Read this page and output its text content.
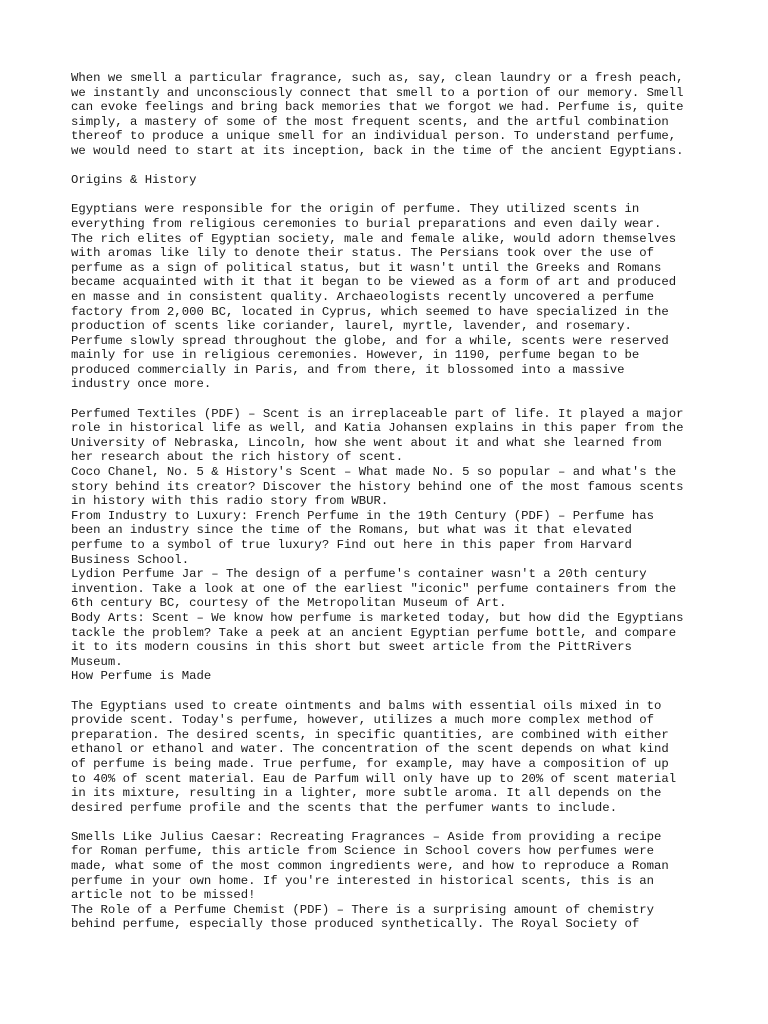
When we smell a particular fragrance, such as, say, clean laundry or a fresh peach,
we instantly and unconsciously connect that smell to a portion of our memory. Smell
can evoke feelings and bring back memories that we forgot we had. Perfume is, quite
simply, a mastery of some of the most frequent scents, and the artful combination
thereof to produce a unique smell for an individual person. To understand perfume,
we would need to start at its inception, back in the time of the ancient Egyptians.
Origins & History
Egyptians were responsible for the origin of perfume. They utilized scents in
everything from religious ceremonies to burial preparations and even daily wear.
The rich elites of Egyptian society, male and female alike, would adorn themselves
with aromas like lily to denote their status. The Persians took over the use of
perfume as a sign of political status, but it wasn't until the Greeks and Romans
became acquainted with it that it began to be viewed as a form of art and produced
en masse and in consistent quality. Archaeologists recently uncovered a perfume
factory from 2,000 BC, located in Cyprus, which seemed to have specialized in the
production of scents like coriander, laurel, myrtle, lavender, and rosemary.
Perfume slowly spread throughout the globe, and for a while, scents were reserved
mainly for use in religious ceremonies. However, in 1190, perfume began to be
produced commercially in Paris, and from there, it blossomed into a massive
industry once more.
Perfumed Textiles (PDF) – Scent is an irreplaceable part of life. It played a major
role in historical life as well, and Katia Johansen explains in this paper from the
University of Nebraska, Lincoln, how she went about it and what she learned from
her research about the rich history of scent.
Coco Chanel, No. 5 & History's Scent – What made No. 5 so popular – and what's the
story behind its creator? Discover the history behind one of the most famous scents
in history with this radio story from WBUR.
From Industry to Luxury: French Perfume in the 19th Century (PDF) – Perfume has
been an industry since the time of the Romans, but what was it that elevated
perfume to a symbol of true luxury? Find out here in this paper from Harvard
Business School.
Lydion Perfume Jar – The design of a perfume's container wasn't a 20th century
invention. Take a look at one of the earliest "iconic" perfume containers from the
6th century BC, courtesy of the Metropolitan Museum of Art.
Body Arts: Scent – We know how perfume is marketed today, but how did the Egyptians
tackle the problem? Take a peek at an ancient Egyptian perfume bottle, and compare
it to its modern cousins in this short but sweet article from the PittRivers
Museum.
How Perfume is Made
The Egyptians used to create ointments and balms with essential oils mixed in to
provide scent. Today's perfume, however, utilizes a much more complex method of
preparation. The desired scents, in specific quantities, are combined with either
ethanol or ethanol and water. The concentration of the scent depends on what kind
of perfume is being made. True perfume, for example, may have a composition of up
to 40% of scent material. Eau de Parfum will only have up to 20% of scent material
in its mixture, resulting in a lighter, more subtle aroma. It all depends on the
desired perfume profile and the scents that the perfumer wants to include.
Smells Like Julius Caesar: Recreating Fragrances – Aside from providing a recipe
for Roman perfume, this article from Science in School covers how perfumes were
made, what some of the most common ingredients were, and how to reproduce a Roman
perfume in your own home. If you're interested in historical scents, this is an
article not to be missed!
The Role of a Perfume Chemist (PDF) – There is a surprising amount of chemistry
behind perfume, especially those produced synthetically. The Royal Society of
